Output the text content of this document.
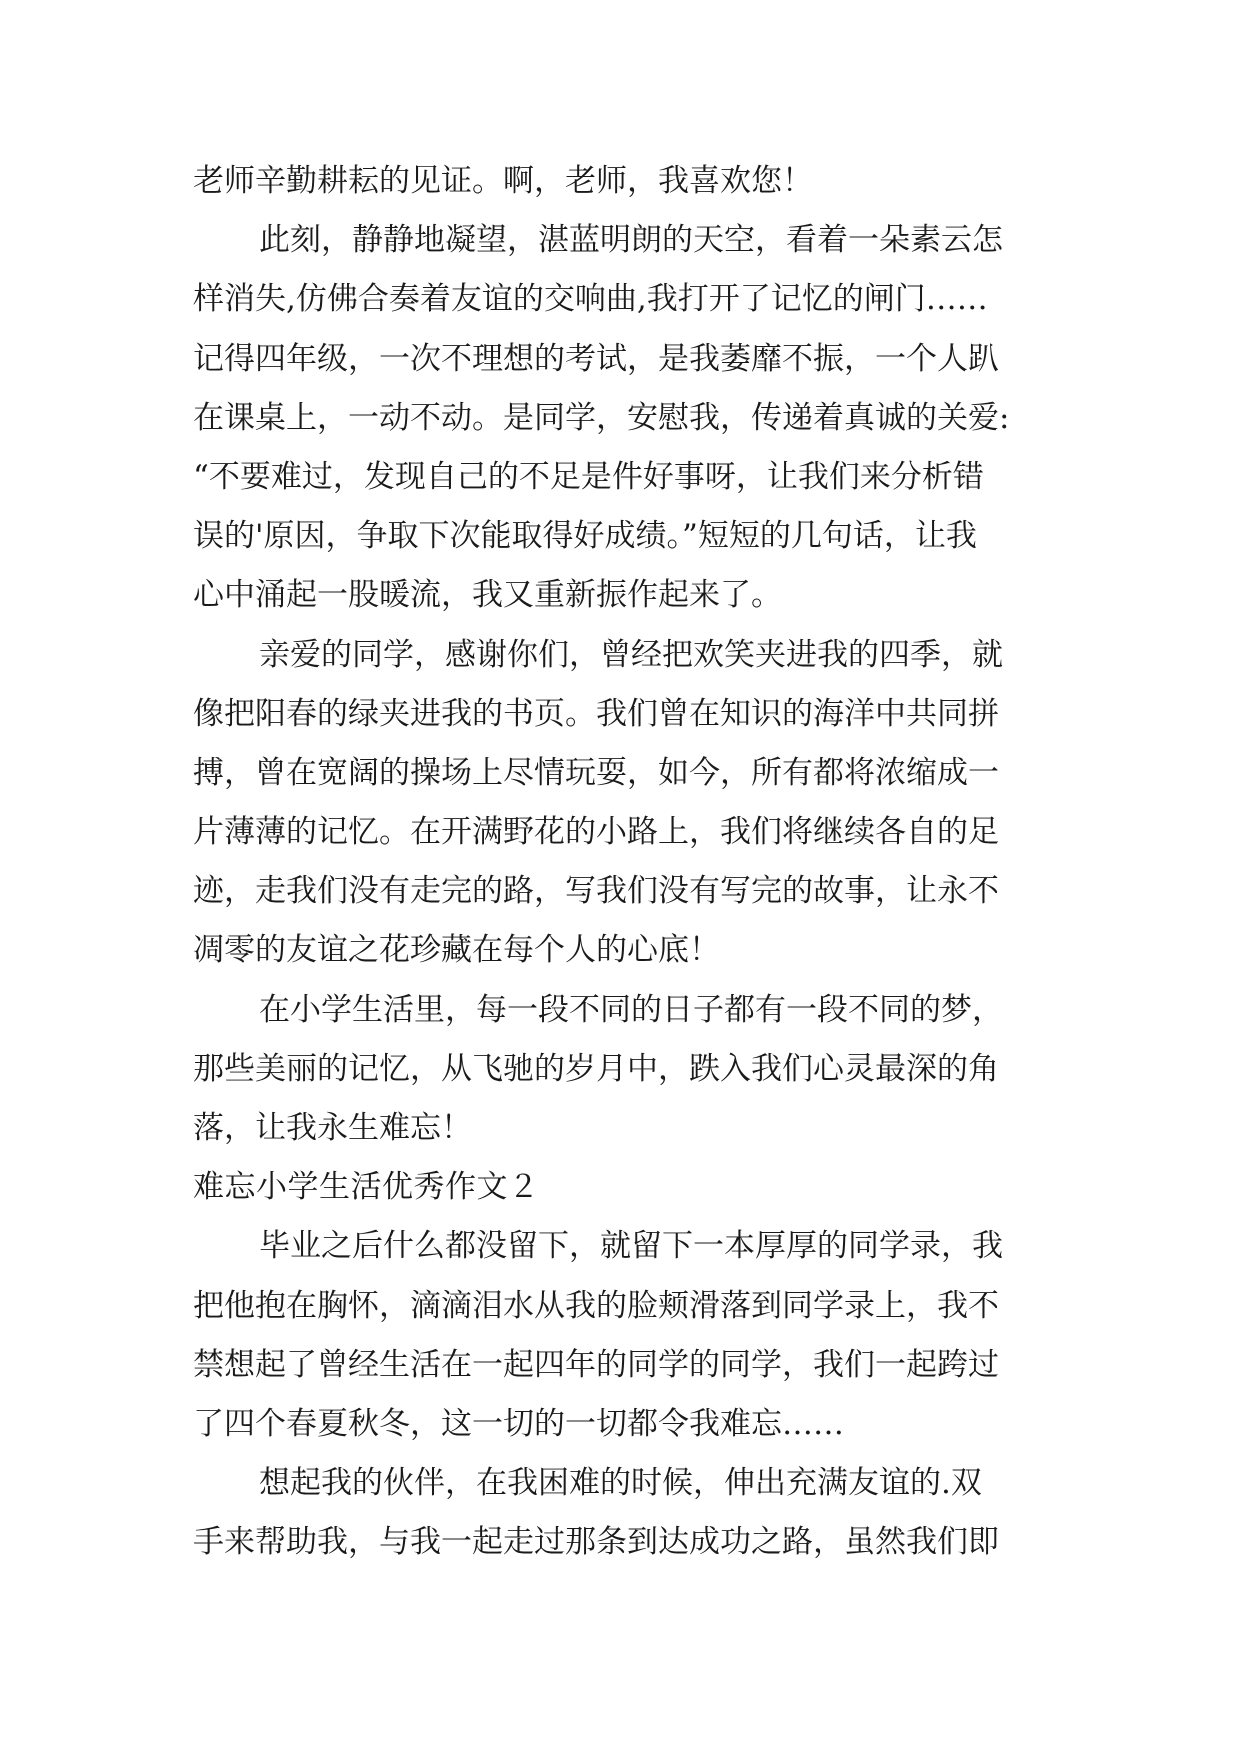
老师辛勤耕耘的见证。啊，老师，我喜欢您！
此刻，静静地凝望，湛蓝明朗的天空，看着一朵素云怎
样消失,仿佛合奏着友谊的交响曲,我打开了记忆的闸门……
记得四年级，一次不理想的考试，是我萎靡不振，一个人趴
在课桌上，一动不动。是同学，安慰我，传递着真诚的关爱:
“不要难过，发现自己的不足是件好事呀，让我们来分析错
误的'原因，争取下次能取得好成绩。”短短的几句话，让我
心中涌起一股暖流，我又重新振作起来了。
亲爱的同学，感谢你们，曾经把欢笑夹进我的四季，就
像把阳春的绿夹进我的书页。我们曾在知识的海洋中共同拼
搏，曾在宽阔的操场上尽情玩耍，如今，所有都将浓缩成一
片薄薄的记忆。在开满野花的小路上，我们将继续各自的足
迹，走我们没有走完的路，写我们没有写完的故事，让永不
凋零的友谊之花珍藏在每个人的心底！
在小学生活里，每一段不同的日子都有一段不同的梦，
那些美丽的记忆，从飞驰的岁月中，跌入我们心灵最深的角
落，让我永生难忘！
难忘小学生活优秀作文２
毕业之后什么都没留下，就留下一本厚厚的同学录，我
把他抱在胸怀，滴滴泪水从我的脸颊滑落到同学录上，我不
禁想起了曾经生活在一起四年的同学的同学，我们一起跨过
了四个春夏秋冬，这一切的一切都令我难忘……
想起我的伙伴，在我困难的时候，伸出充满友谊的.双
手来帮助我，与我一起走过那条到达成功之路，虽然我们即
